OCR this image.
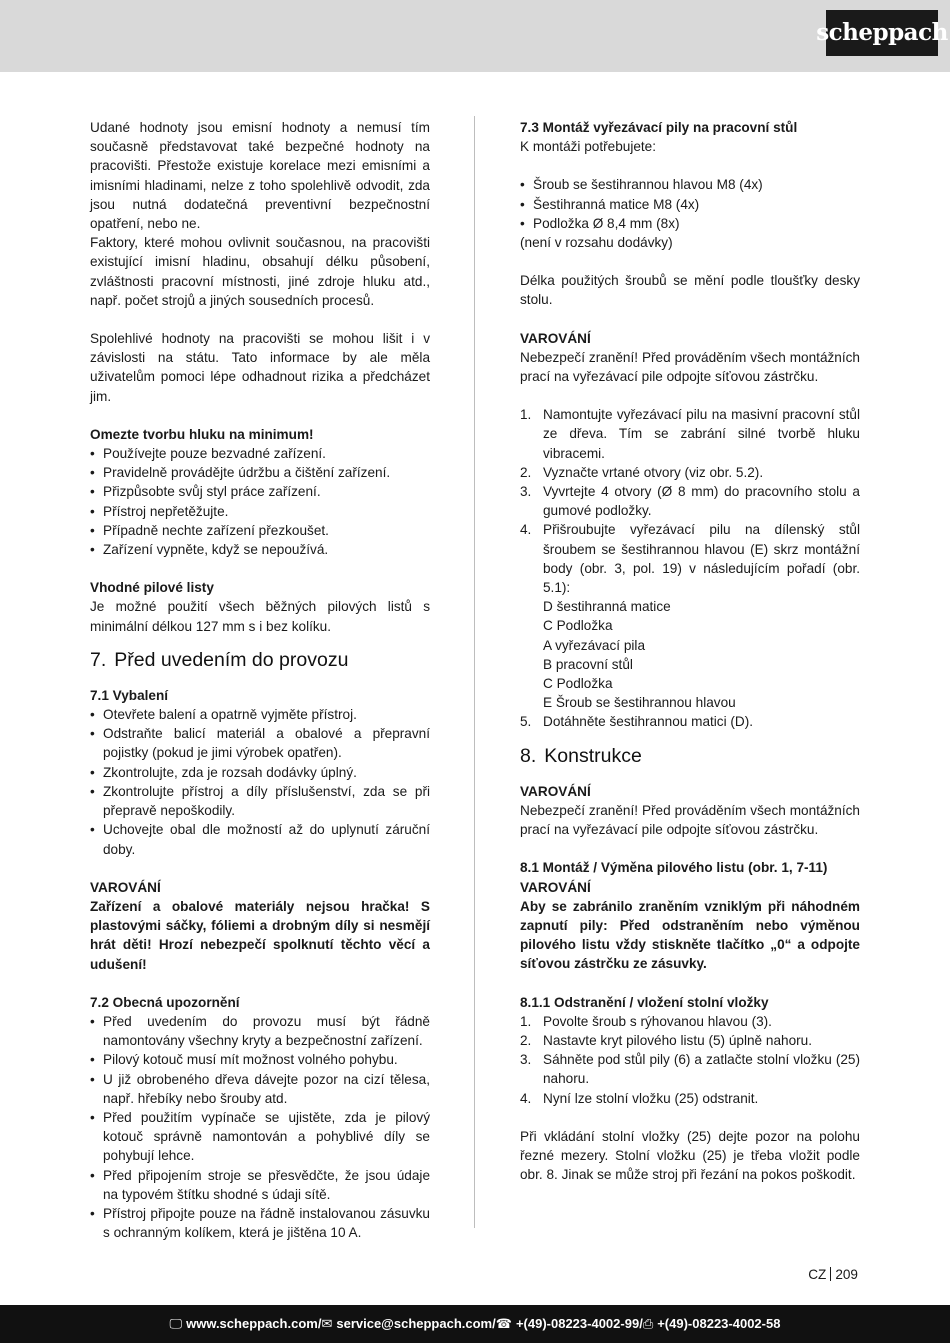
scheppach

Udané hodnoty jsou emisní hodnoty a nemusí tím současně představovat také bezpečné hodnoty na pracovišti. Přestože existuje korelace mezi emisními a imisními hladinami, nelze z toho spolehlivě odvodit, zda jsou nutná dodatečná preventivní bezpečnostní opatření, nebo ne.

Faktory, které mohou ovlivnit současnou, na pracovišti existující imisní hladinu, obsahují délku působení, zvláštnosti pracovní místnosti, jiné zdroje hluku atd., např. počet strojů a jiných sousedních procesů.

Spolehlivé hodnoty na pracovišti se mohou lišit i v závislosti na státu. Tato informace by ale měla uživatelům pomoci lépe odhadnout rizika a předcházet jim.

Omezte tvorbu hluku na minimum!

• Používejte pouze bezvadné zařízení.
• Pravidelně provádějte údržbu a čištění zařízení.
• Přizpůsobte svůj styl práce zařízení.
• Přístroj nepřetěžujte.
• Případně nechte zařízení přezkoušet.
• Zařízení vypněte, když se nepoužívá.

Vhodné pilové listy

Je možné použití všech běžných pilových listů s minimální délkou 127 mm s i bez kolíku.

7. Před uvedením do provozu

7.1 Vybalení

• Otevřete balení a opatrně vyjměte přístroj.
• Odstraňte balicí materiál a obalové a přepravní pojistky (pokud je jimi výrobek opatřen).
• Zkontrolujte, zda je rozsah dodávky úplný.
• Zkontrolujte přístroj a díly příslušenství, zda se při přepravě nepoškodily.
• Uchovejte obal dle možností až do uplynutí záruční doby.

VAROVÁNÍ

Zařízení a obalové materiály nejsou hračka! S plastovými sáčky, fóliemi a drobným díly si nesmějí hrát děti! Hrozí nebezpečí spolknutí těchto věcí a udušení!

7.2 Obecná upozornění

• Před uvedením do provozu musí být řádně namontovány všechny kryty a bezpečnostní zařízení.
• Pilový kotouč musí mít možnost volného pohybu.
• U již obrobeného dřeva dávejte pozor na cizí tělesa, např. hřebíky nebo šrouby atd.
• Před použitím vypínače se ujistěte, zda je pilový kotouč správně namontován a pohyblivé díly se pohybují lehce.
• Před připojením stroje se přesvědčte, že jsou údaje na typovém štítku shodné s údaji sítě.
• Přístroj připojte pouze na řádně instalovanou zásuvku s ochranným kolíkem, která je jištěna 10 A.

7.3 Montáž vyřezávací pily na pracovní stůl

K montáži potřebujete:

• Šroub se šestihrannou hlavou M8 (4x)
• Šestihranná matice M8 (4x)
• Podložka Ø 8,4 mm (8x)

(není v rozsahu dodávky)

Délka použitých šroubů se mění podle tloušťky desky stolu.

VAROVÁNÍ

Nebezpečí zranění! Před prováděním všech montážních prací na vyřezávací pile odpojte síťovou zástrčku.

1. Namontujte vyřezávací pilu na masivní pracovní stůl ze dřeva. Tím se zabrání silné tvorbě hluku vibracemi.
2. Vyznačte vrtané otvory (viz obr. 5.2).
3. Vyvrtejte 4 otvory (Ø 8 mm) do pracovního stolu a gumové podložky.
4. Přišroubujte vyřezávací pilu na dílenský stůl šroubem se šestihrannou hlavou (E) skrz montážní body (obr. 3, pol. 19) v následujícím pořadí (obr. 5.1):
D šestihranná matice
C Podložka
A vyřezávací pila
B pracovní stůl
C Podložka
E Šroub se šestihrannou hlavou
5. Dotáhněte šestihrannou matici (D).
8. Konstrukce

VAROVÁNÍ

Nebezpečí zranění! Před prováděním všech montážních prací na vyřezávací pile odpojte síťovou zástrčku.

8.1 Montáž / Výměna pilového listu (obr. 1, 7-11)

VAROVÁNÍ

Aby se zabránilo zraněním vzniklým při náhodném zapnutí pily: Před odstraněním nebo výměnou pilového listu vždy stiskněte tlačítko „0“ a odpojte síťovou zástrčku ze zásuvky.

8.1.1 Odstranění / vložení stolní vložky

1. Povolte šroub s rýhovanou hlavou (3).
2. Nastavte kryt pilového listu (5) úplně nahoru.
3. Sáhněte pod stůl pily (6) a zatlačte stolní vložku (25) nahoru.
4. Nyní lze stolní vložku (25) odstranit.

Při vkládání stolní vložky (25) dejte pozor na polohu řezné mezery. Stolní vložku (25) je třeba vložit podle obr. 8. Jinak se může stroj při řezání na pokos poškodit.

CZ 209
🖵 www.scheppach.com / ✉ service@scheppach.com / ☎ +(49)-08223-4002-99 / ⎙ +(49)-08223-4002-58
